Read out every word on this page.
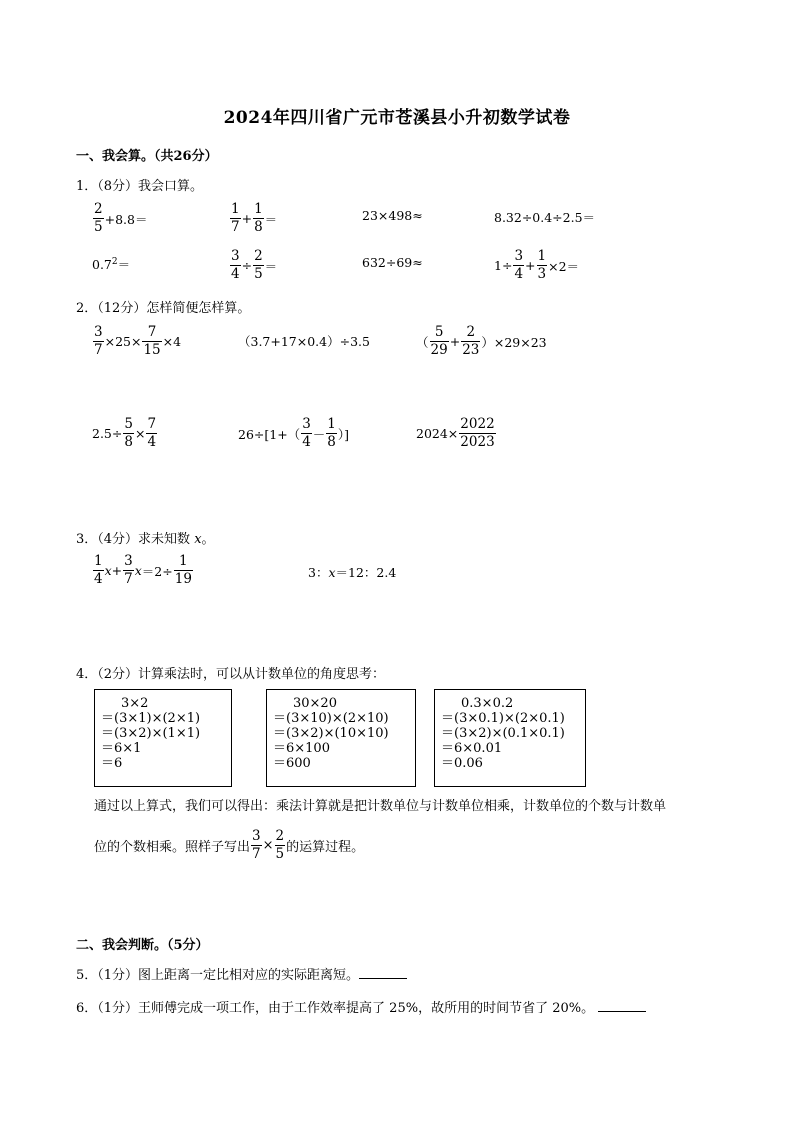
2024年四川省广元市苍溪县小升初数学试卷
一、我会算。（共26分）
1．（8分）我会口算。
$\frac{2}{5} +8.8=$	$\frac{1}{7} + \frac{1}{8}$ ＝	23×498≈	8.32÷0.4÷2.5＝
$0.7^2$ ＝	$\frac{3}{4} \div \frac{2}{5}$ ＝	632÷69≈	$1\div \frac{3}{4} + \frac{1}{3} \times 2=$
2．（12分）怎样简便怎样算。
$\frac{3}{7} \times 25\times \frac{7}{15} \times 4$	（3.7+17×0.4）÷3.5	（ $\frac{5}{29} + \frac{2}{23} )\times 29\times 23$
$2.5\div \frac{5}{8} \times \frac{7}{4}$	$26\div[1+( \frac{3}{4} - \frac{1}{8}$ ）]	$2024\times \frac{2022}{2023}$
3．（4分）求未知数 x。
$\frac{1}{4}$ $x + \frac{3}{7}$ $x =2\div \frac{1}{19}$	3： x ＝12：2.4
4．（2分）计算乘法时，可以从计数单位的角度思考：
3×2
＝(3×1)×(2×1)
＝(3×2)×(1×1)
＝6×1
＝6
30×20
＝(3×10)×(2×10)
＝(3×2)×(10×10)
＝6×100
＝600
0.3×0.2
＝(3×0.1)×(2×0.1)
＝(3×2)×(0.1×0.1)
＝6×0.01
＝0.06
通过以上算式，我们可以得出：乘法计算就是把计数单位与计数单位相乘，计数单位的个数与计数单
位的个数相乘。照样子写出 $\frac{3}{7} \times \frac{2}{5}$ 的运算过程。
二、我会判断。（5分）
5．（1分）图上距离一定比相对应的实际距离短。
6．（1分）王师傅完成一项工作，由于工作效率提高了 25%，故所用的时间节省了 20%。
